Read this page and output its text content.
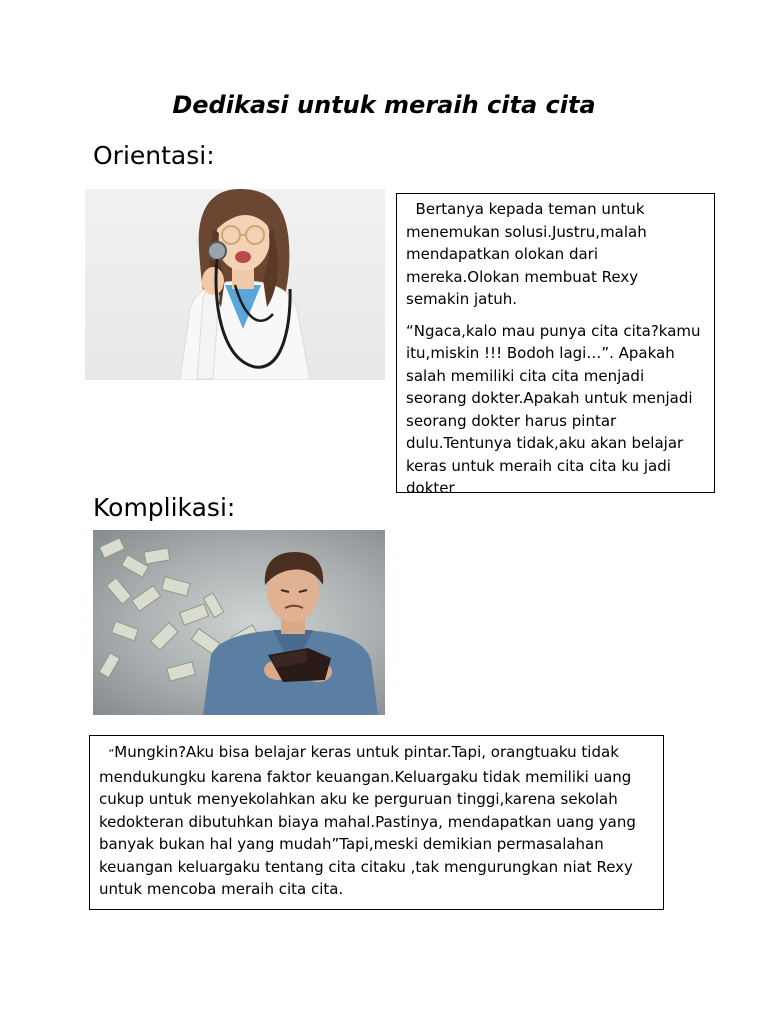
Dedikasi untuk meraih cita cita
Orientasi:

Bertanya kepada teman untuk menemukan solusi.Justru,malah mendapatkan olokan dari mereka.Olokan membuat Rexy semakin jatuh.

“Ngaca,kalo mau punya cita cita?kamu itu,miskin !!! Bodoh lagi…”. Apakah salah memiliki cita cita menjadi seorang dokter.Apakah untuk menjadi seorang dokter harus pintar dulu.Tentunya tidak,aku akan belajar keras untuk meraih cita cita ku jadi dokter

Komplikasi:

“Mungkin?Aku bisa belajar keras untuk pintar.Tapi, orangtuaku tidak mendukungku karena faktor keuangan.Keluargaku tidak memiliki uang cukup untuk menyekolahkan aku ke perguruan tinggi,karena sekolah kedokteran dibutuhkan biaya mahal.Pastinya, mendapatkan uang yang banyak bukan hal yang mudah”Tapi,meski demikian permasalahan keuangan keluargaku tentang cita citaku ,tak mengurungkan niat Rexy untuk mencoba meraih cita cita.
